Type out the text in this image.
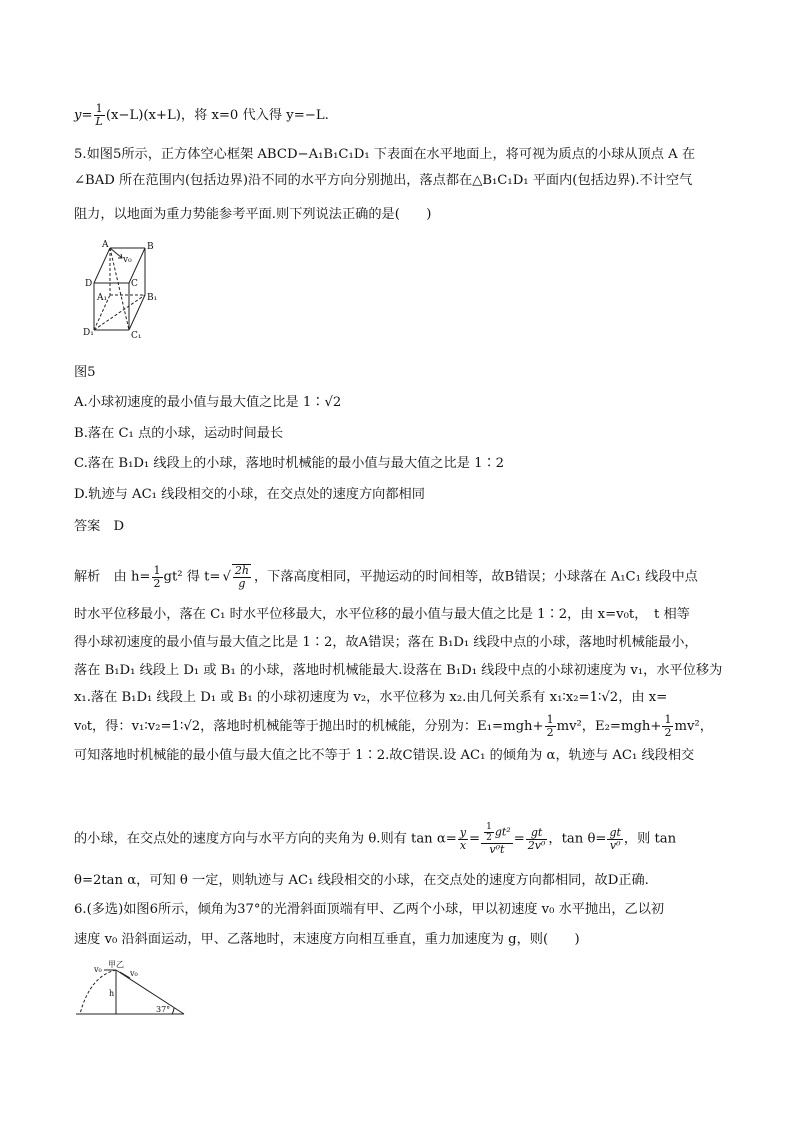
$y= \frac{1}{L} (x-L)(x+L)$，将 x=0 代入得 y=−L.
5.如图5所示，正方体空心框架 ABCD−A₁B₁C₁D₁ 下表面在水平地面上，将可视为质点的小球从顶点 A 在
∠BAD 所在范围内(包括边界)沿不同的水平方向分别抛出，落点都在△B₁C₁D₁ 平面内(包括边界).不计空气
阻力，以地面为重力势能参考平面.则下列说法正确的是(　　)
A	B
v₀
D	C
A₁	B₁
D₁	C₁
图5
A.小球初速度的最小值与最大值之比是 1∶√2
B.落在 C₁ 点的小球，运动时间最长
C.落在 B₁D₁ 线段上的小球，落地时机械能的最小值与最大值之比是 1∶2
D.轨迹与 AC₁ 线段相交的小球，在交点处的速度方向都相同
答案　D
解析　由 $h= \frac{1}{2} gt^2$ 得 t= √ $\frac{2h}{g}$ ，下落高度相同，平抛运动的时间相等，故B错误；小球落在 A₁C₁ 线段中点
时水平位移最小，落在 C₁ 时水平位移最大，水平位移的最小值与最大值之比是 1∶2，由 x=v₀t，　t 相等
得小球初速度的最小值与最大值之比是 1∶2，故A错误；落在 B₁D₁ 线段中点的小球，落地时机械能最小，
落在 B₁D₁ 线段上 D₁ 或 B₁ 的小球，落地时机械能最大.设落在 B₁D₁ 线段中点的小球初速度为 v₁，水平位移为
x₁.落在 B₁D₁ 线段上 D₁ 或 B₁ 的小球初速度为 v₂，水平位移为 x₂.由几何关系有 x₁∶x₂=1∶√2，由 x=
v₀t，得：v₁∶v₂=1∶√2，落地时机械能等于抛出时的机械能，分别为：$E_1=mgh+ \frac{1}{2} mv^2$，$E_2=mgh+ \frac{1}{2} mv^2$，
可知落地时机械能的最小值与最大值之比不等于 1∶2.故C错误.设 AC₁ 的倾角为 α，轨迹与 AC₁ 线段相交
的小球，在交点处的速度方向与水平方向的夹角为 θ.则有 $\tan \alpha= \frac{y}{x} = \frac{\frac{1}{2} gt^2}{\text{v⁰t}} = \frac{gt}{\text{2v⁰}}$ ，$\tan \theta= \frac{gt}{\text{v⁰}}$ ，则 tan
θ=2tan α，可知 θ 一定，则轨迹与 AC₁ 线段相交的小球，在交点处的速度方向都相同，故D正确.
6.(多选)如图6所示，倾角为37°的光滑斜面顶端有甲、乙两个小球，甲以初速度 v₀ 水平抛出，乙以初
速度 v₀ 沿斜面运动，甲、乙落地时，末速度方向相互垂直，重力加速度为 g，则(　　)
甲乙
v₀	v₀
h
37°
